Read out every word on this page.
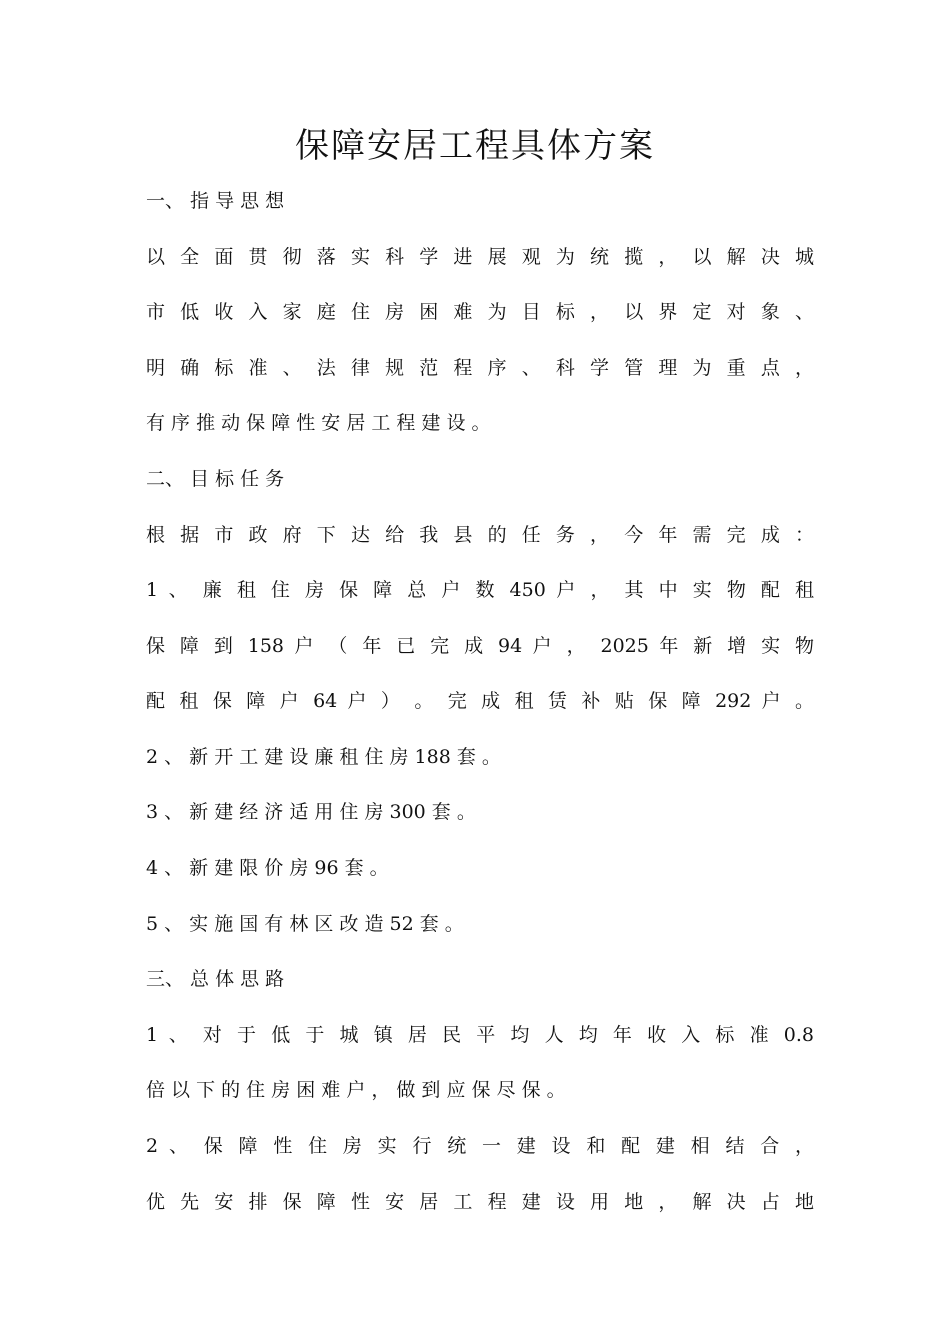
保障安居工程具体方案
一、 指 导 思 想
以 全 面 贯 彻 落 实 科 学 进 展 观 为 统 揽 ， 以 解 决 城
市 低 收 入 家 庭 住 房 困 难 为 目 标 ， 以 界 定 对 象 、
明 确 标 准 、 法 律 规 范 程 序 、 科 学 管 理 为 重 点 ，
有 序 推 动 保 障 性 安 居 工 程 建 设 。
二、 目 标 任 务
根 据 市 政 府 下 达 给 我 县 的 任 务 ， 今 年 需 完 成 ：
1 、 廉 租 住 房 保 障 总 户 数 450 户 ， 其 中 实 物 配 租
保 障 到 158 户 （ 年 已 完 成 94 户 ， 2025 年 新 增 实 物
配 租 保 障 户 64 户 ） 。 完 成 租 赁 补 贴 保 障 292 户 。
2 、 新 开 工 建 设 廉 租 住 房 188 套 。
3 、 新 建 经 济 适 用 住 房 300 套 。
4 、 新 建 限 价 房 96 套 。
5 、 实 施 国 有 林 区 改 造 52 套 。
三、 总 体 思 路
1 、 对 于 低 于 城 镇 居 民 平 均 人 均 年 收 入 标 准 0.8
倍 以 下 的 住 房 困 难 户 ， 做 到 应 保 尽 保 。
2 、 保 障 性 住 房 实 行 统 一 建 设 和 配 建 相 结 合 ，
优 先 安 排 保 障 性 安 居 工 程 建 设 用 地 ， 解 决 占 地
